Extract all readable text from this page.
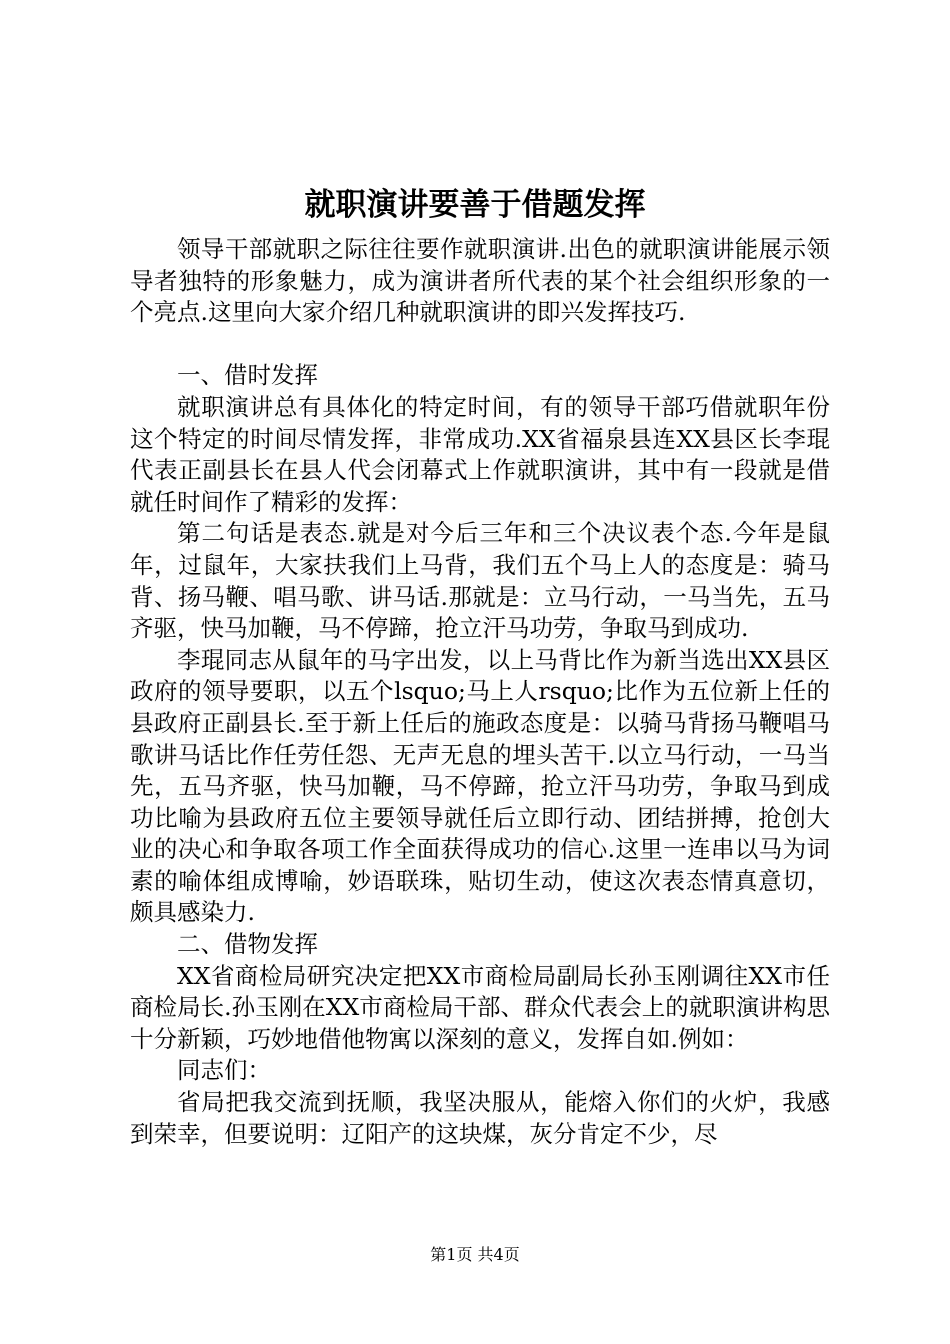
就职演讲要善于借题发挥

领导干部就职之际往往要作就职演讲.出色的就职演讲能展示领导者独特的形象魅力，成为演讲者所代表的某个社会组织形象的一个亮点.这里向大家介绍几种就职演讲的即兴发挥技巧.

一、借时发挥

就职演讲总有具体化的特定时间，有的领导干部巧借就职年份这个特定的时间尽情发挥，非常成功.XX省福泉县连XX县区长李琨代表正副县长在县人代会闭幕式上作就职演讲，其中有一段就是借就任时间作了精彩的发挥：

第二句话是表态.就是对今后三年和三个决议表个态.今年是鼠年，过鼠年，大家扶我们上马背，我们五个马上人的态度是：骑马背、扬马鞭、唱马歌、讲马话.那就是：立马行动，一马当先，五马齐驱，快马加鞭，马不停蹄，抢立汗马功劳，争取马到成功.

李琨同志从鼠年的马字出发，以上马背比作为新当选出XX县区政府的领导要职，以五个lsquo;马上人rsquo;比作为五位新上任的县政府正副县长.至于新上任后的施政态度是：以骑马背扬马鞭唱马歌讲马话比作任劳任怨、无声无息的埋头苦干.以立马行动，一马当先，五马齐驱，快马加鞭，马不停蹄，抢立汗马功劳，争取马到成功比喻为县政府五位主要领导就任后立即行动、团结拼搏，抢创大业的决心和争取各项工作全面获得成功的信心.这里一连串以马为词素的喻体组成博喻，妙语联珠，贴切生动，使这次表态情真意切，颇具感染力.

二、借物发挥

XX省商检局研究决定把XX市商检局副局长孙玉刚调往XX市任商检局长.孙玉刚在XX市商检局干部、群众代表会上的就职演讲构思十分新颖，巧妙地借他物寓以深刻的意义，发挥自如.例如：

同志们：

省局把我交流到抚顺，我坚决服从，能熔入你们的火炉，我感到荣幸，但要说明：辽阳产的这块煤，灰分肯定不少，尽

第1页 共4页
